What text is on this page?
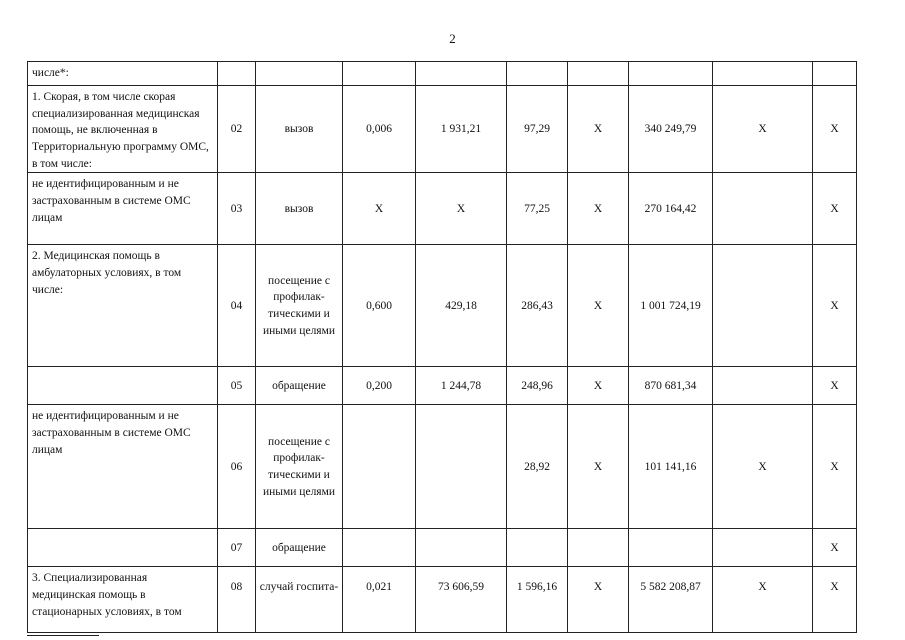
2
числе*:									
1. Скорая, в том числе скорая специализированная медицинская помощь, не включенная в Территориальную программу ОМС, в том числе:	02	вызов	0,006	1 931,21	97,29	X	340 249,79	X	X
не идентифицированным и не застрахованным в системе ОМС лицам	03	вызов	X	X	77,25	X	270 164,42		X
2. Медицинская помощь в амбулаторных условиях, в том числе:	04	посещение с профилак-тическими и иными целями	0,600	429,18	286,43	X	1 001 724,19		X
	05	обращение	0,200	1 244,78	248,96	X	870 681,34		X
не идентифицированным и не застрахованным в системе ОМС лицам	06	посещение с профилак-тическими и иными целями			28,92	X	101 141,16	X	X
	07	обращение							X
3. Специализированная медицинская помощь в стационарных условиях, в том	08	случай госпита-	0,021	73 606,59	1 596,16	X	5 582 208,87	X	X
